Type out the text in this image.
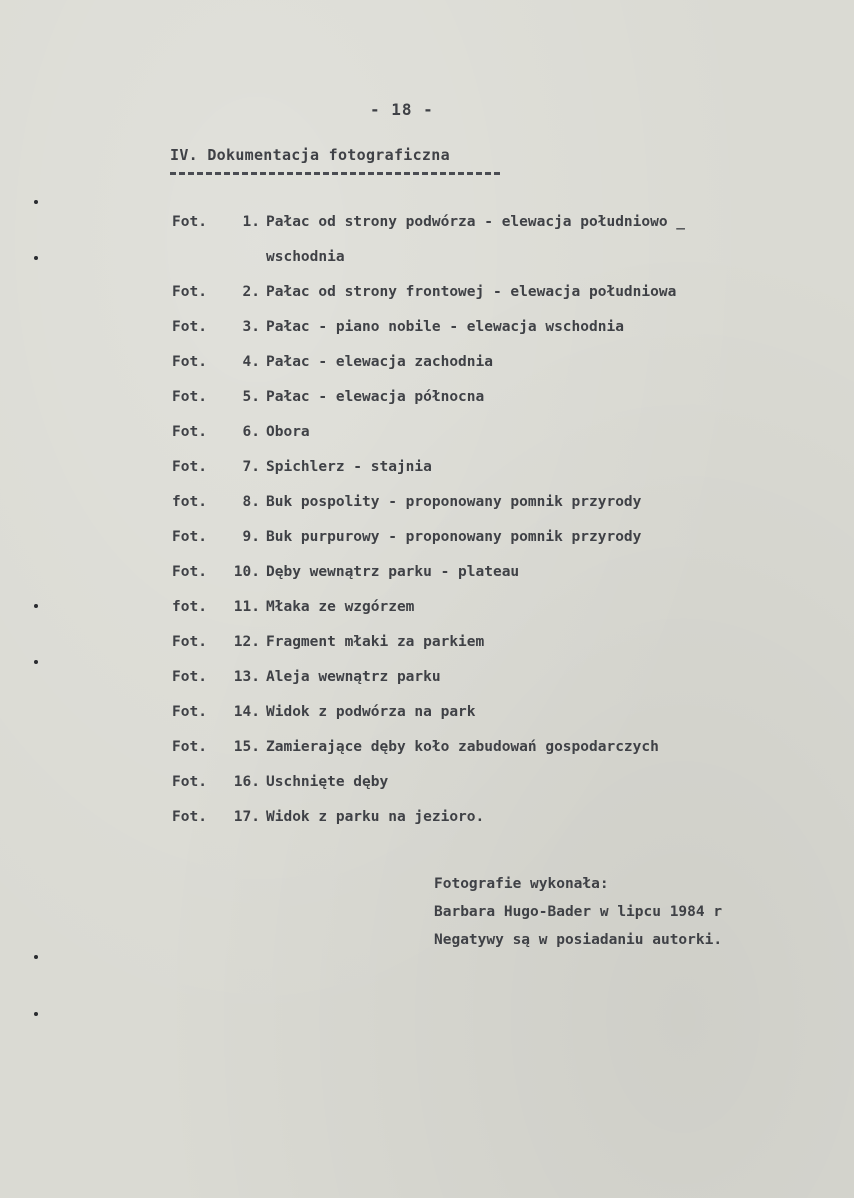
- 18 -
IV. Dokumentacja fotograficzna
Fot.	1. Pałac od strony podwórza - elewacja południowo _
wschodnia
Fot.	2. Pałac od strony frontowej - elewacja południowa
Fot.	3. Pałac - piano nobile - elewacja wschodnia
Fot.	4. Pałac - elewacja zachodnia
Fot.	5. Pałac - elewacja północna
Fot.	6. Obora
Fot.	7. Spichlerz - stajnia
fot.	8. Buk pospolity - proponowany pomnik przyrody
Fot.	9. Buk purpurowy - proponowany pomnik przyrody
Fot.	10. Dęby wewnątrz parku - plateau
fot.	11. Młaka ze wzgórzem
Fot.	12. Fragment młaki za parkiem
Fot.	13. Aleja wewnątrz parku
Fot.	14. Widok z podwórza na park
Fot.	15. Zamierające dęby koło zabudowań gospodarczych
Fot.	16. Uschnięte dęby
Fot.	17. Widok z parku na jezioro.
Fotografie wykonała:
Barbara Hugo-Bader w lipcu 1984 r
Negatywy są w posiadaniu autorki.
